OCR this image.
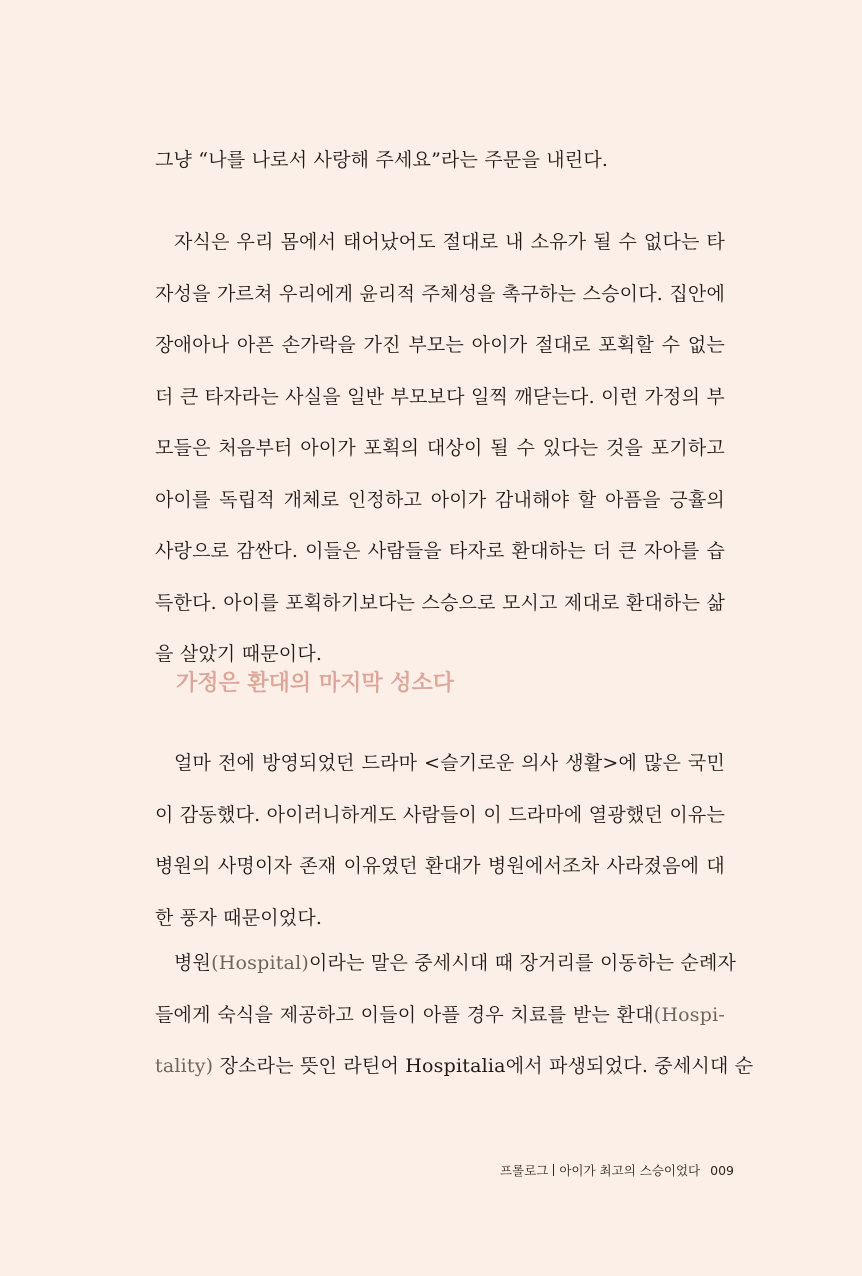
그냥 “나를 나로서 사랑해 주세요”라는 주문을 내린다.
자식은 우리 몸에서 태어났어도 절대로 내 소유가 될 수 없다는 타
자성을 가르쳐 우리에게 윤리적 주체성을 촉구하는 스승이다. 집안에
장애아나 아픈 손가락을 가진 부모는 아이가 절대로 포획할 수 없는
더 큰 타자라는 사실을 일반 부모보다 일찍 깨닫는다. 이런 가정의 부
모들은 처음부터 아이가 포획의 대상이 될 수 있다는 것을 포기하고
아이를 독립적 개체로 인정하고 아이가 감내해야 할 아픔을 긍휼의
사랑으로 감싼다. 이들은 사람들을 타자로 환대하는 더 큰 자아를 습
득한다. 아이를 포획하기보다는 스승으로 모시고 제대로 환대하는 삶
을 살았기 때문이다.
가정은 환대의 마지막 성소다
얼마 전에 방영되었던 드라마 <슬기로운 의사 생활>에 많은 국민
이 감동했다. 아이러니하게도 사람들이 이 드라마에 열광했던 이유는
병원의 사명이자 존재 이유였던 환대가 병원에서조차 사라졌음에 대
한 풍자 때문이었다.
병원(Hospital)이라는 말은 중세시대 때 장거리를 이동하는 순례자
들에게 숙식을 제공하고 이들이 아플 경우 치료를 받는 환대(Hospi-
tality) 장소라는 뜻인 라틴어 Hospitalia에서 파생되었다. 중세시대 순
프롤로그 아이가 최고의 스승이었다 009
